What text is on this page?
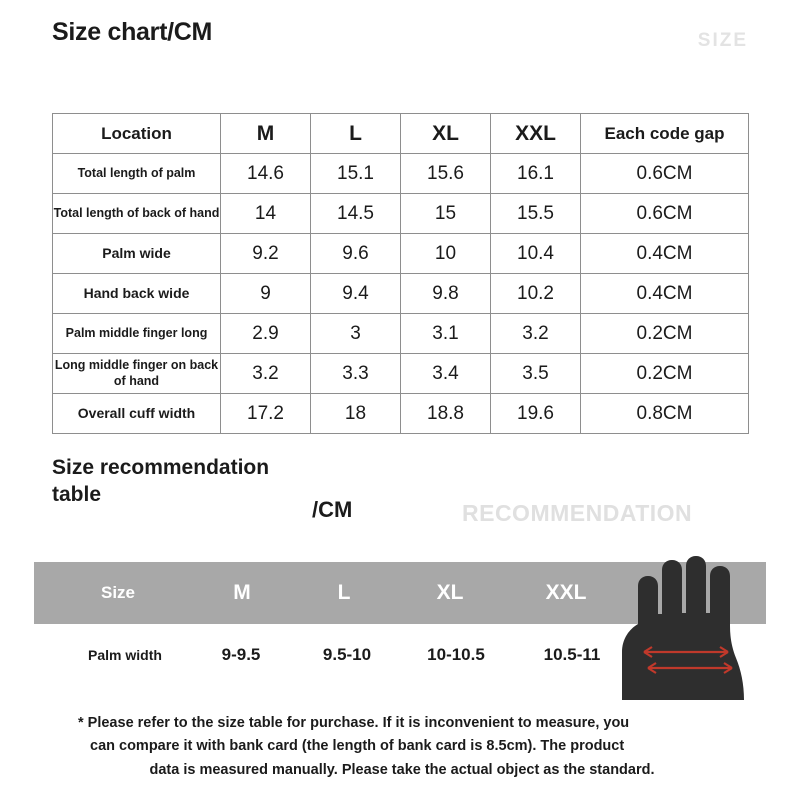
Size chart/CM	SIZE
Location	M	L	XL	XXL	Each code gap
Total length of palm	14.6	15.1	15.6	16.1	0.6CM
Total length of back of hand	14	14.5	15	15.5	0.6CM
Palm wide	9.2	9.6	10	10.4	0.4CM
Hand back wide	9	9.4	9.8	10.2	0.4CM
Palm middle finger long	2.9	3	3.1	3.2	0.2CM
Long middle finger on back of hand	3.2	3.3	3.4	3.5	0.2CM
Overall cuff width	17.2	18	18.8	19.6	0.8CM
Size recommendation table
/CM	RECOMMENDATION
Size	M	L	XL	XXL
Palm width	9-9.5	9.5-10	10-10.5	10.5-11
* Please refer to the size table for purchase. If it is inconvenient to measure, you
can compare it with bank card (the length of bank card is 8.5cm). The product
data is measured manually. Please take the actual object as the standard.
